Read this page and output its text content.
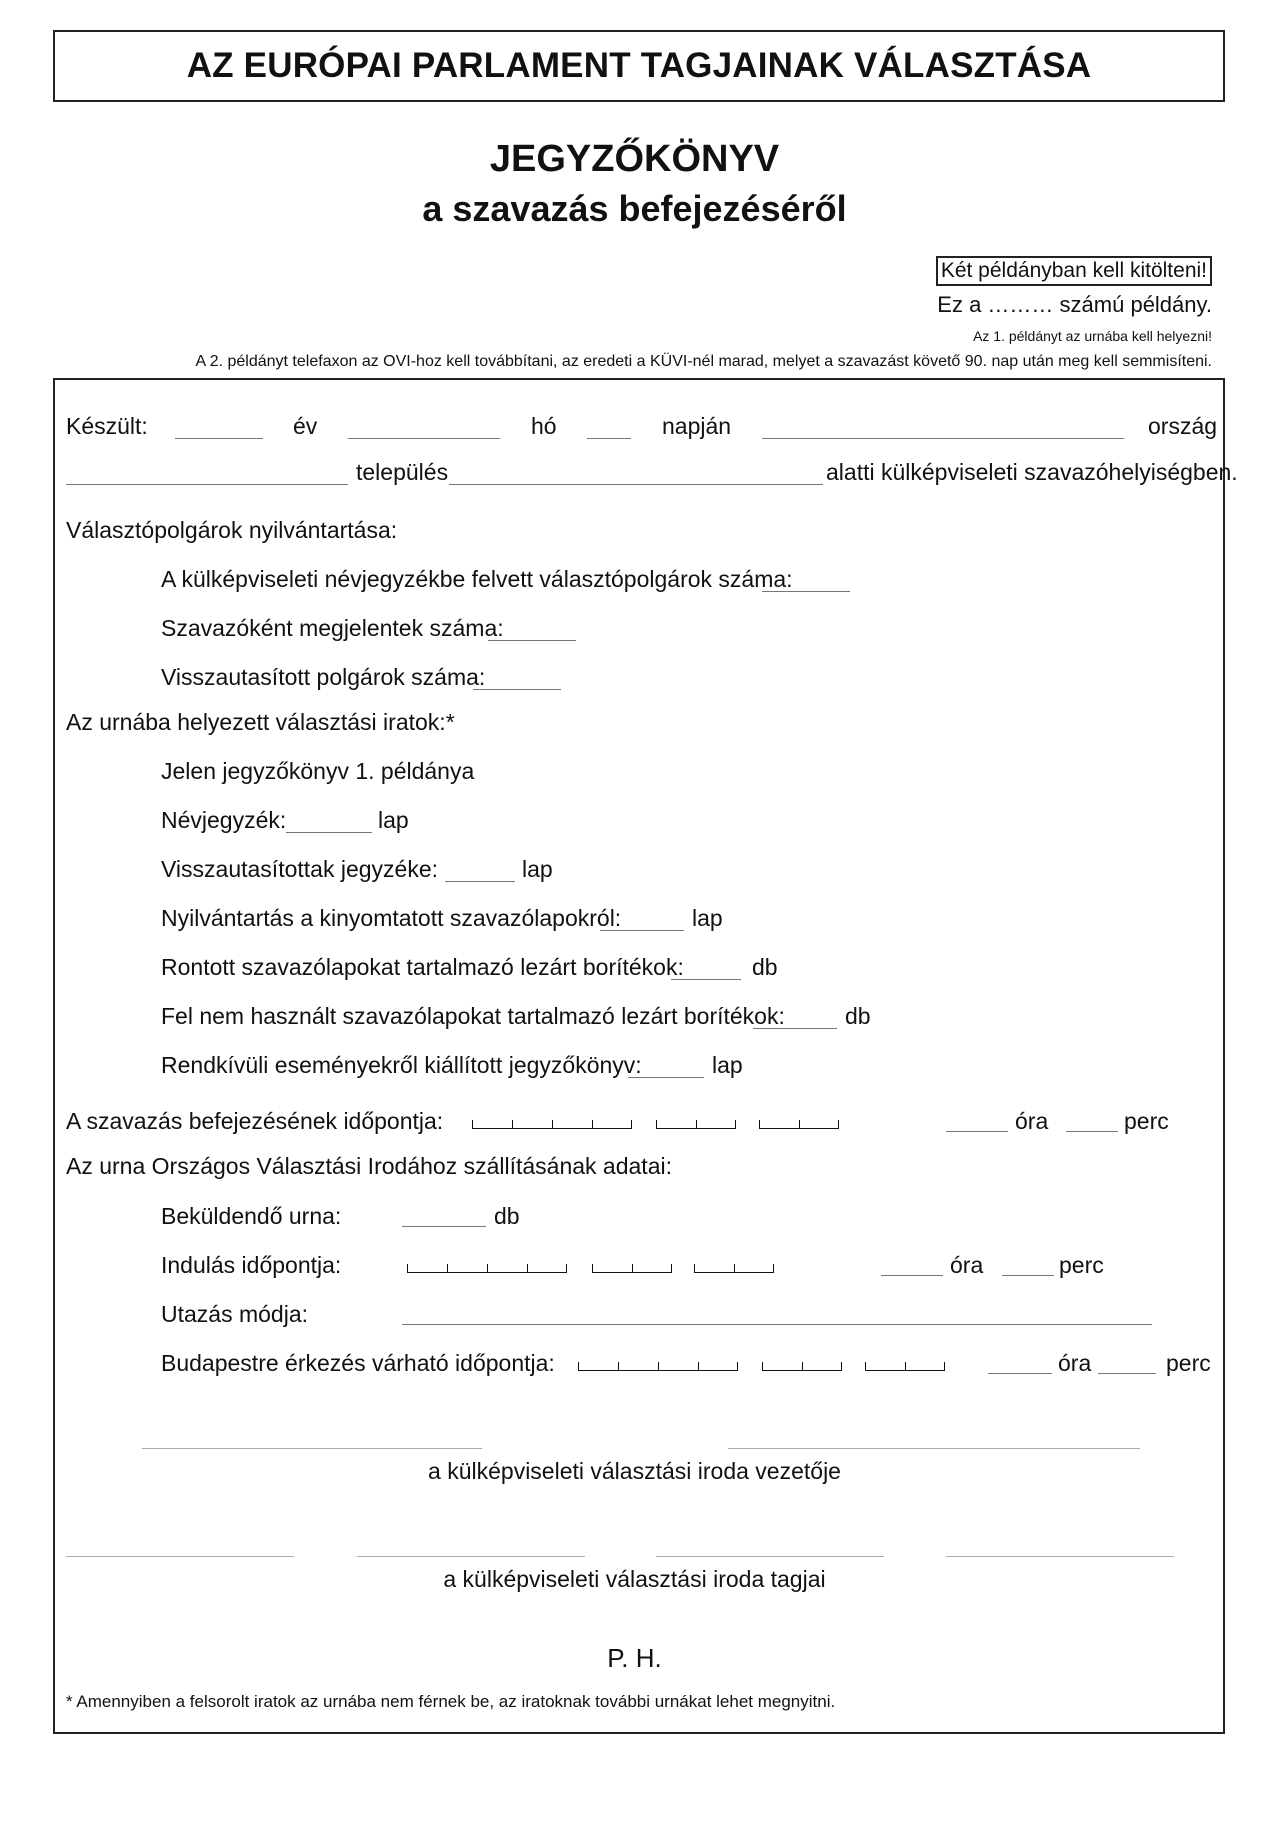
AZ EURÓPAI PARLAMENT TAGJAINAK VÁLASZTÁSA
JEGYZŐKÖNYV
a szavazás befejezéséről
Két példányban kell kitölteni!
Ez a ……… számú példány.
Az 1. példányt az urnába kell helyezni!
A 2. példányt telefaxon az OVI-hoz kell továbbítani, az eredeti a KÜVI-nél marad, melyet a szavazást követő 90. nap után meg kell semmisíteni.
Készült:	év	hó	napján	ország
település	alatti külképviseleti szavazóhelyiségben.
Választópolgárok nyilvántartása:
A külképviseleti névjegyzékbe felvett választópolgárok száma:
Szavazóként megjelentek száma:
Visszautasított polgárok száma:
Az urnába helyezett választási iratok:*
Jelen jegyzőkönyv 1. példánya
Névjegyzék:	lap
Visszautasítottak jegyzéke:	lap
Nyilvántartás a kinyomtatott szavazólapokról:	lap
Rontott szavazólapokat tartalmazó lezárt borítékok:	db
Fel nem használt szavazólapokat tartalmazó lezárt borítékok:	db
Rendkívüli eseményekről kiállított jegyzőkönyv:	lap
A szavazás befejezésének időpontja:	óra	perc
Az urna Országos Választási Irodához szállításának adatai:
Beküldendő urna:	db
Indulás időpontja:	óra	perc
Utazás módja:
Budapestre érkezés várható időpontja:	óra	perc
a külképviseleti választási iroda vezetője
a külképviseleti választási iroda tagjai
P. H.
* Amennyiben a felsorolt iratok az urnába nem férnek be, az iratoknak további urnákat lehet megnyitni.
